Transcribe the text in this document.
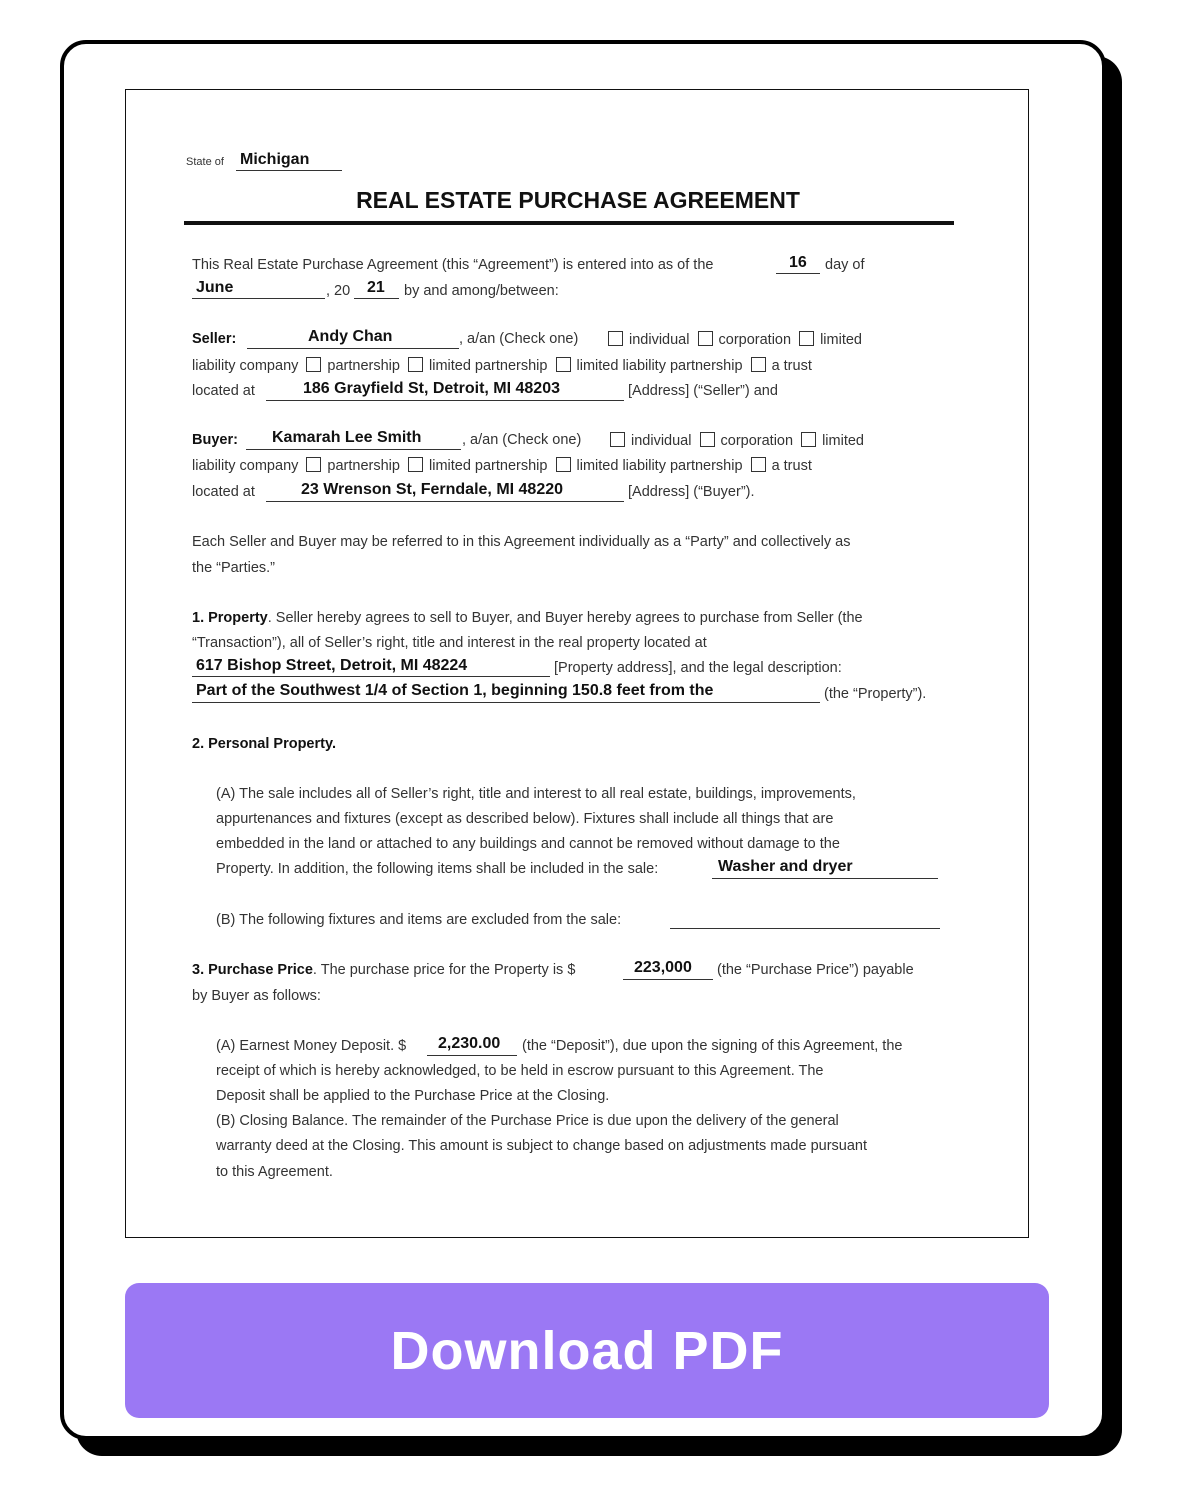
State of Michigan
REAL ESTATE PURCHASE AGREEMENT
This Real Estate Purchase Agreement (this “Agreement”) is entered into as of the	16 day of
June	, 20 21 by and among/between:
Seller:	Andy Chan	, a/an (Check one)	individual corporation limited
liability company partnership limited partnership limited liability partnership a trust
located at	186 Grayfield St, Detroit, MI 48203	[Address] (“Seller”) and
Buyer: Kamarah Lee Smith	, a/an (Check one)	individual corporation limited
liability company partnership limited partnership limited liability partnership a trust
located at	23 Wrenson St, Ferndale, MI 48220	[Address] (“Buyer”).
Each Seller and Buyer may be referred to in this Agreement individually as a “Party” and collectively as
the “Parties.”
1. Property. Seller hereby agrees to sell to Buyer, and Buyer hereby agrees to purchase from Seller (the
“Transaction”), all of Seller’s right, title and interest in the real property located at
617 Bishop Street, Detroit, MI 48224	[Property address], and the legal description:
Part of the Southwest 1/4 of Section 1, beginning 150.8 feet from the	(the “Property”).
2. Personal Property.
(A) The sale includes all of Seller’s right, title and interest to all real estate, buildings, improvements,
appurtenances and fixtures (except as described below). Fixtures shall include all things that are
embedded in the land or attached to any buildings and cannot be removed without damage to the
Property. In addition, the following items shall be included in the sale:	Washer and dryer
(B) The following fixtures and items are excluded from the sale:
3. Purchase Price. The purchase price for the Property is $	223,000 (the “Purchase Price”) payable
by Buyer as follows:
(A) Earnest Money Deposit. $ 2,230.00 (the “Deposit”), due upon the signing of this Agreement, the
receipt of which is hereby acknowledged, to be held in escrow pursuant to this Agreement. The
Deposit shall be applied to the Purchase Price at the Closing.
(B) Closing Balance. The remainder of the Purchase Price is due upon the delivery of the general
warranty deed at the Closing. This amount is subject to change based on adjustments made pursuant
to this Agreement.
Download PDF
